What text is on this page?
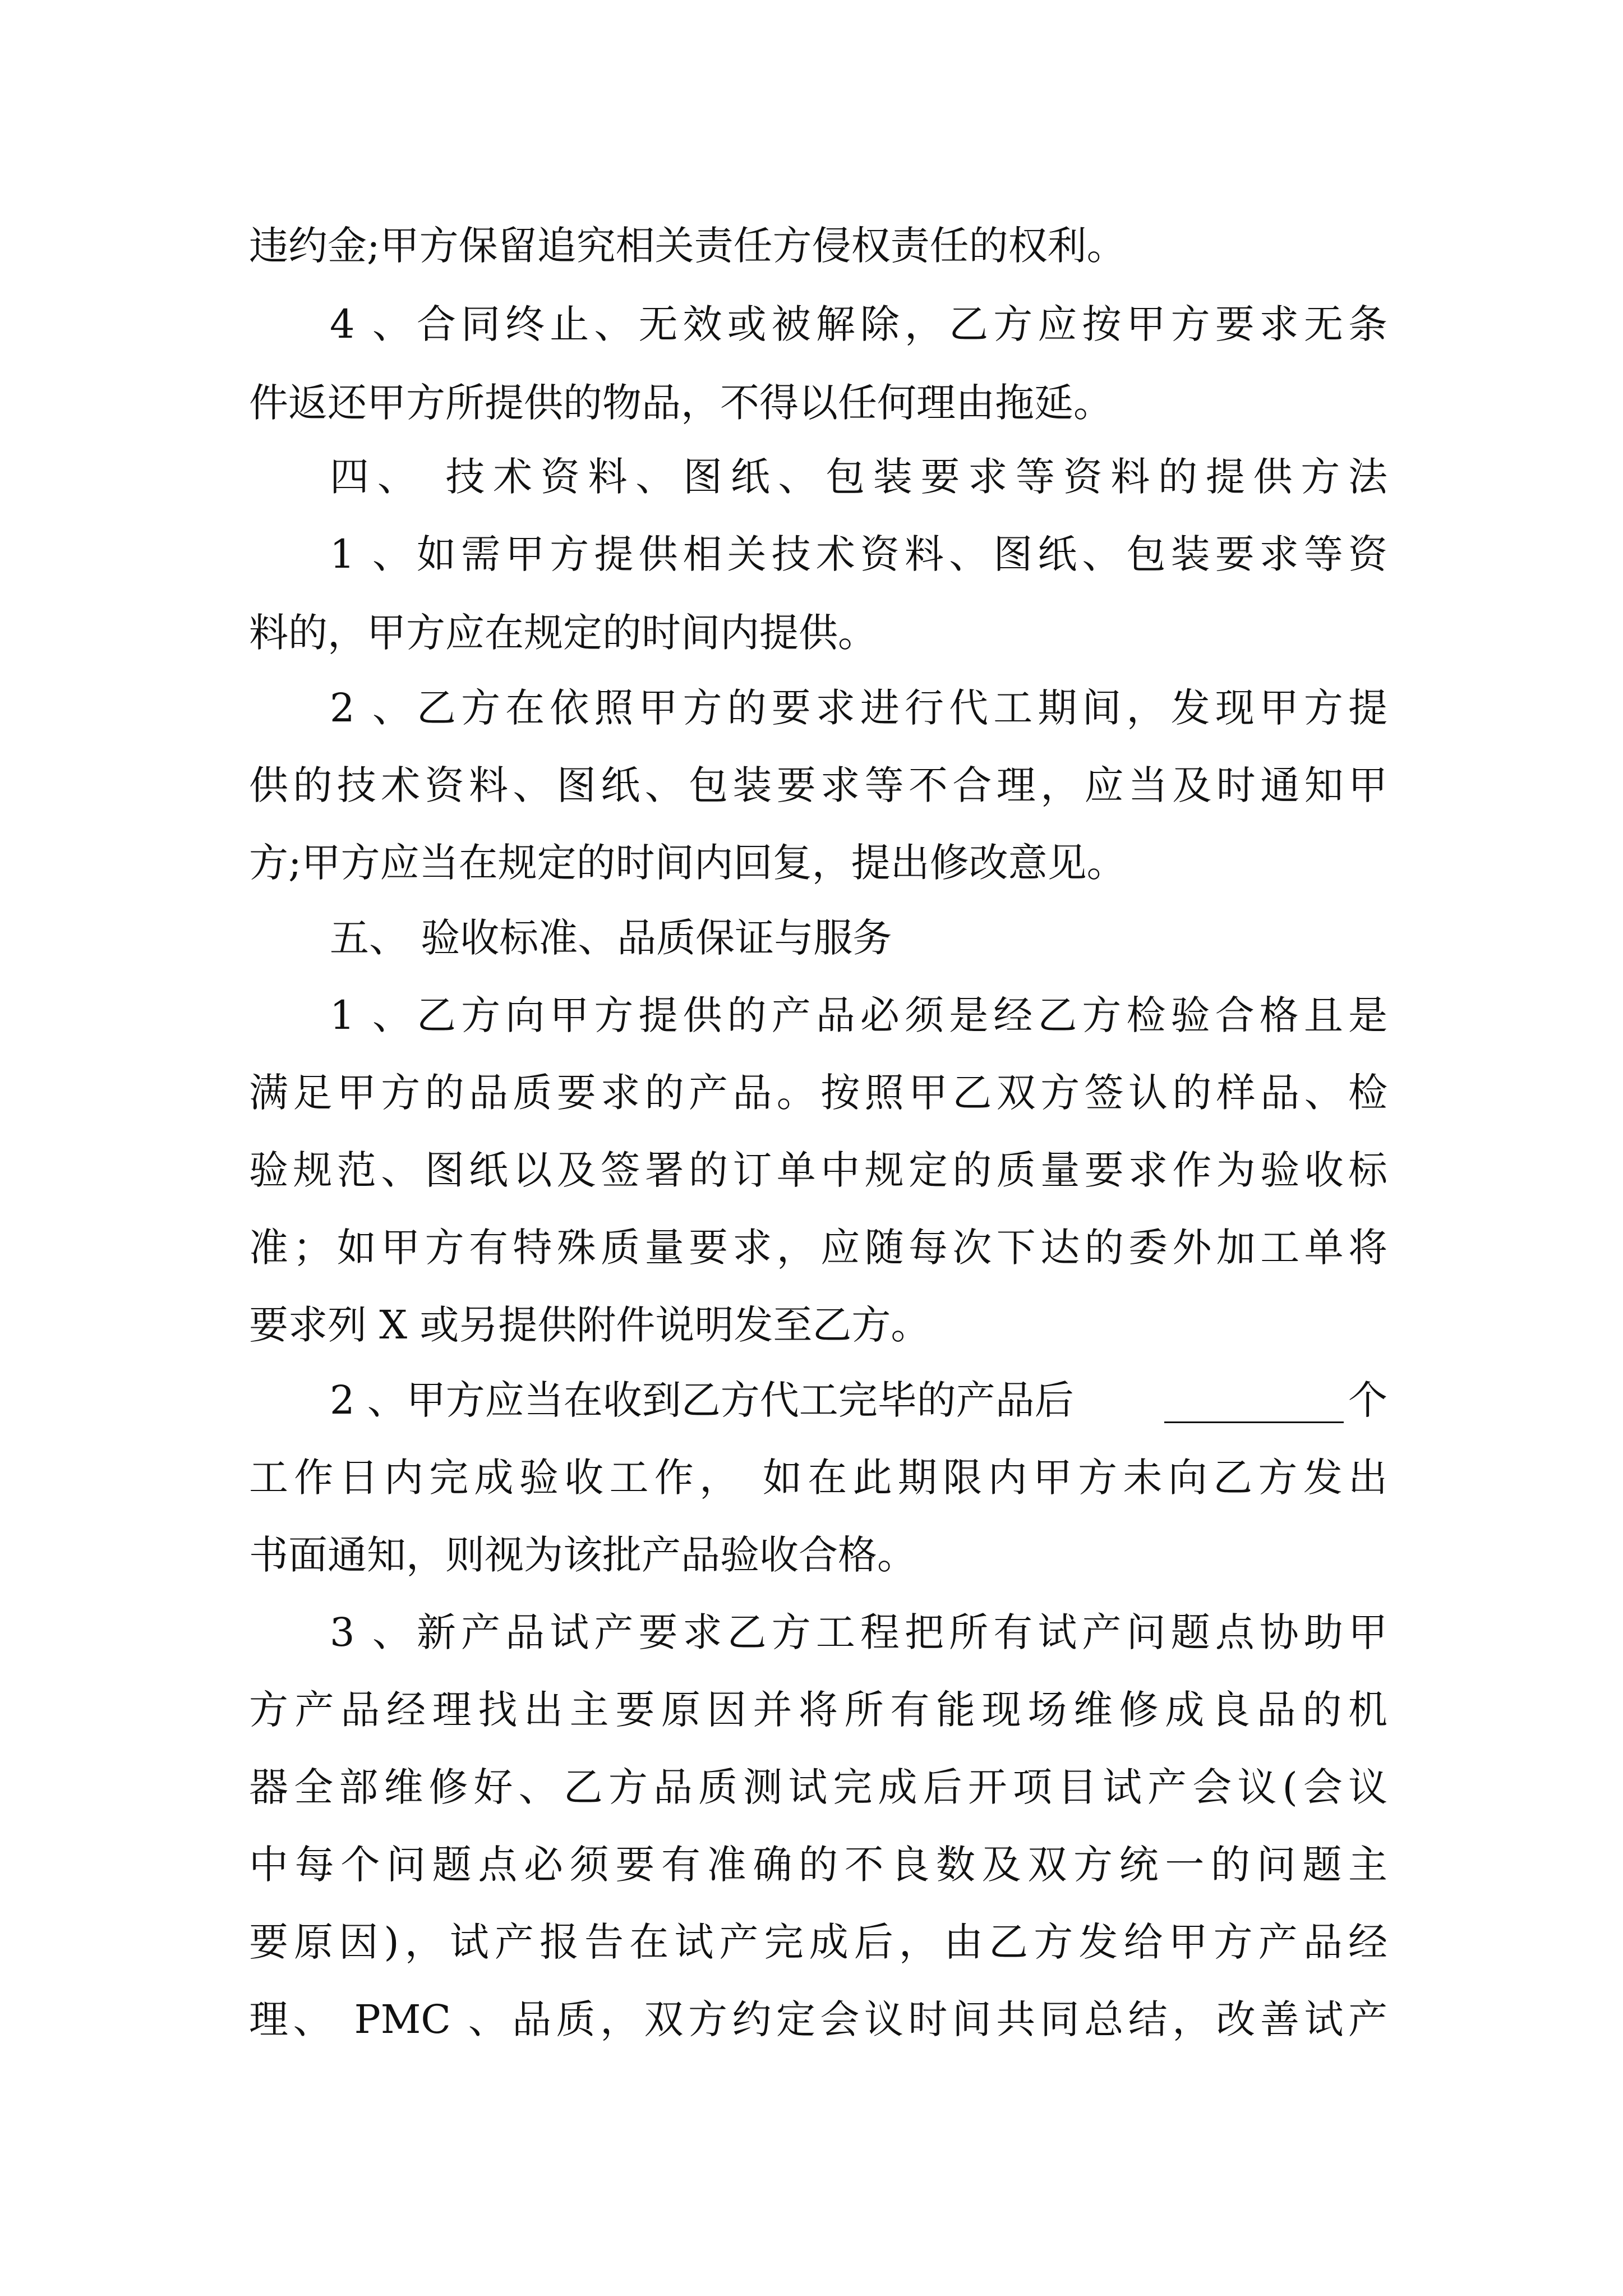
违约金;甲方保留追究相关责任方侵权责任的权利。
4 、合同终止、无效或被解除，乙方应按甲方要求无条
件返还甲方所提供的物品，不得以任何理由拖延。
四、 技术资料、图纸、包装要求等资料的提供方法
1 、如需甲方提供相关技术资料、图纸、包装要求等资
料的，甲方应在规定的时间内提供。
2 、乙方在依照甲方的要求进行代工期间，发现甲方提
供的技术资料、图纸、包装要求等不合理，应当及时通知甲
方;甲方应当在规定的时间内回复，提出修改意见。
五、 验收标准、品质保证与服务
1 、乙方向甲方提供的产品必须是经乙方检验合格且是
满足甲方的品质要求的产品。按照甲乙双方签认的样品、检
验规范、图纸以及签署的订单中规定的质量要求作为验收标
准；如甲方有特殊质量要求，应随每次下达的委外加工单将
要求列 X 或另提供附件说明发至乙方。
2 、甲方应当在收到乙方代工完毕的产品后	个
工作日内完成验收工作， 如在此期限内甲方未向乙方发出
书面通知，则视为该批产品验收合格。
3 、新产品试产要求乙方工程把所有试产问题点协助甲
方产品经理找出主要原因并将所有能现场维修成良品的机
器全部维修好、乙方品质测试完成后开项目试产会议(会议
中每个问题点必须要有准确的不良数及双方统一的问题主
要原因)，试产报告在试产完成后，由乙方发给甲方产品经
理、 PMC 、品质，双方约定会议时间共同总结，改善试产
